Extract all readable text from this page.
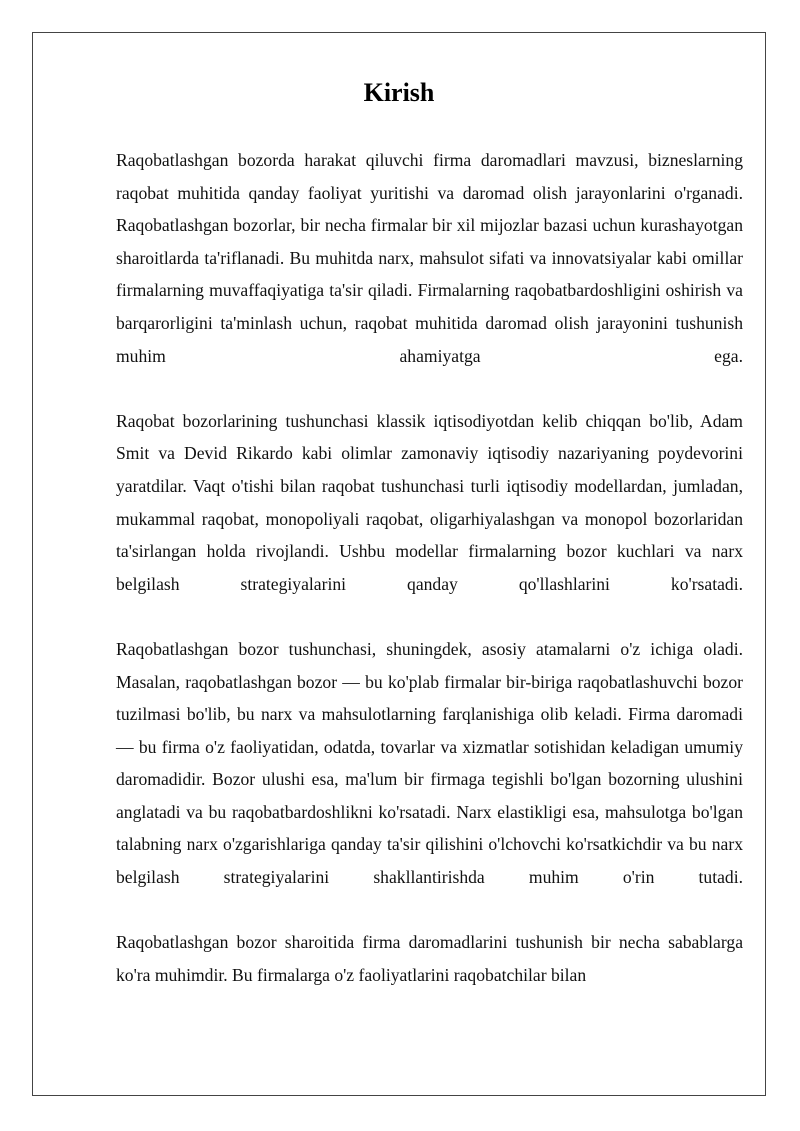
Kirish

Raqobatlashgan bozorda harakat qiluvchi firma daromadlari mavzusi, bizneslarning raqobat muhitida qanday faoliyat yuritishi va daromad olish jarayonlarini o'rganadi. Raqobatlashgan bozorlar, bir necha firmalar bir xil mijozlar bazasi uchun kurashayotgan sharoitlarda ta'riflanadi. Bu muhitda narx, mahsulot sifati va innovatsiyalar kabi omillar firmalarning muvaffaqiyatiga ta'sir qiladi. Firmalarning raqobatbardoshligini oshirish va barqarorligini ta'minlash uchun, raqobat muhitida daromad olish jarayonini tushunish muhim ahamiyatga ega.

Raqobat bozorlarining tushunchasi klassik iqtisodiyotdan kelib chiqqan bo'lib, Adam Smit va Devid Rikardo kabi olimlar zamonaviy iqtisodiy nazariyaning poydevorini yaratdilar. Vaqt o'tishi bilan raqobat tushunchasi turli iqtisodiy modellardan, jumladan, mukammal raqobat, monopoliyali raqobat, oligarhiyalashgan va monopol bozorlaridan ta'sirlangan holda rivojlandi. Ushbu modellar firmalarning bozor kuchlari va narx belgilash strategiyalarini qanday qo'llashlarini ko'rsatadi.

Raqobatlashgan bozor tushunchasi, shuningdek, asosiy atamalarni o'z ichiga oladi. Masalan, raqobatlashgan bozor — bu ko'plab firmalar bir-biriga raqobatlashuvchi bozor tuzilmasi bo'lib, bu narx va mahsulotlarning farqlanishiga olib keladi. Firma daromadi — bu firma o'z faoliyatidan, odatda, tovarlar va xizmatlar sotishidan keladigan umumiy daromadidir. Bozor ulushi esa, ma'lum bir firmaga tegishli bo'lgan bozorning ulushini anglatadi va bu raqobatbardoshlikni ko'rsatadi. Narx elastikligi esa, mahsulotga bo'lgan talabning narx o'zgarishlariga qanday ta'sir qilishini o'lchovchi ko'rsatkichdir va bu narx belgilash strategiyalarini shakllantirishda muhim o'rin tutadi.

Raqobatlashgan bozor sharoitida firma daromadlarini tushunish bir necha sabablarga ko'ra muhimdir. Bu firmalarga o'z faoliyatlarini raqobatchilar bilan
